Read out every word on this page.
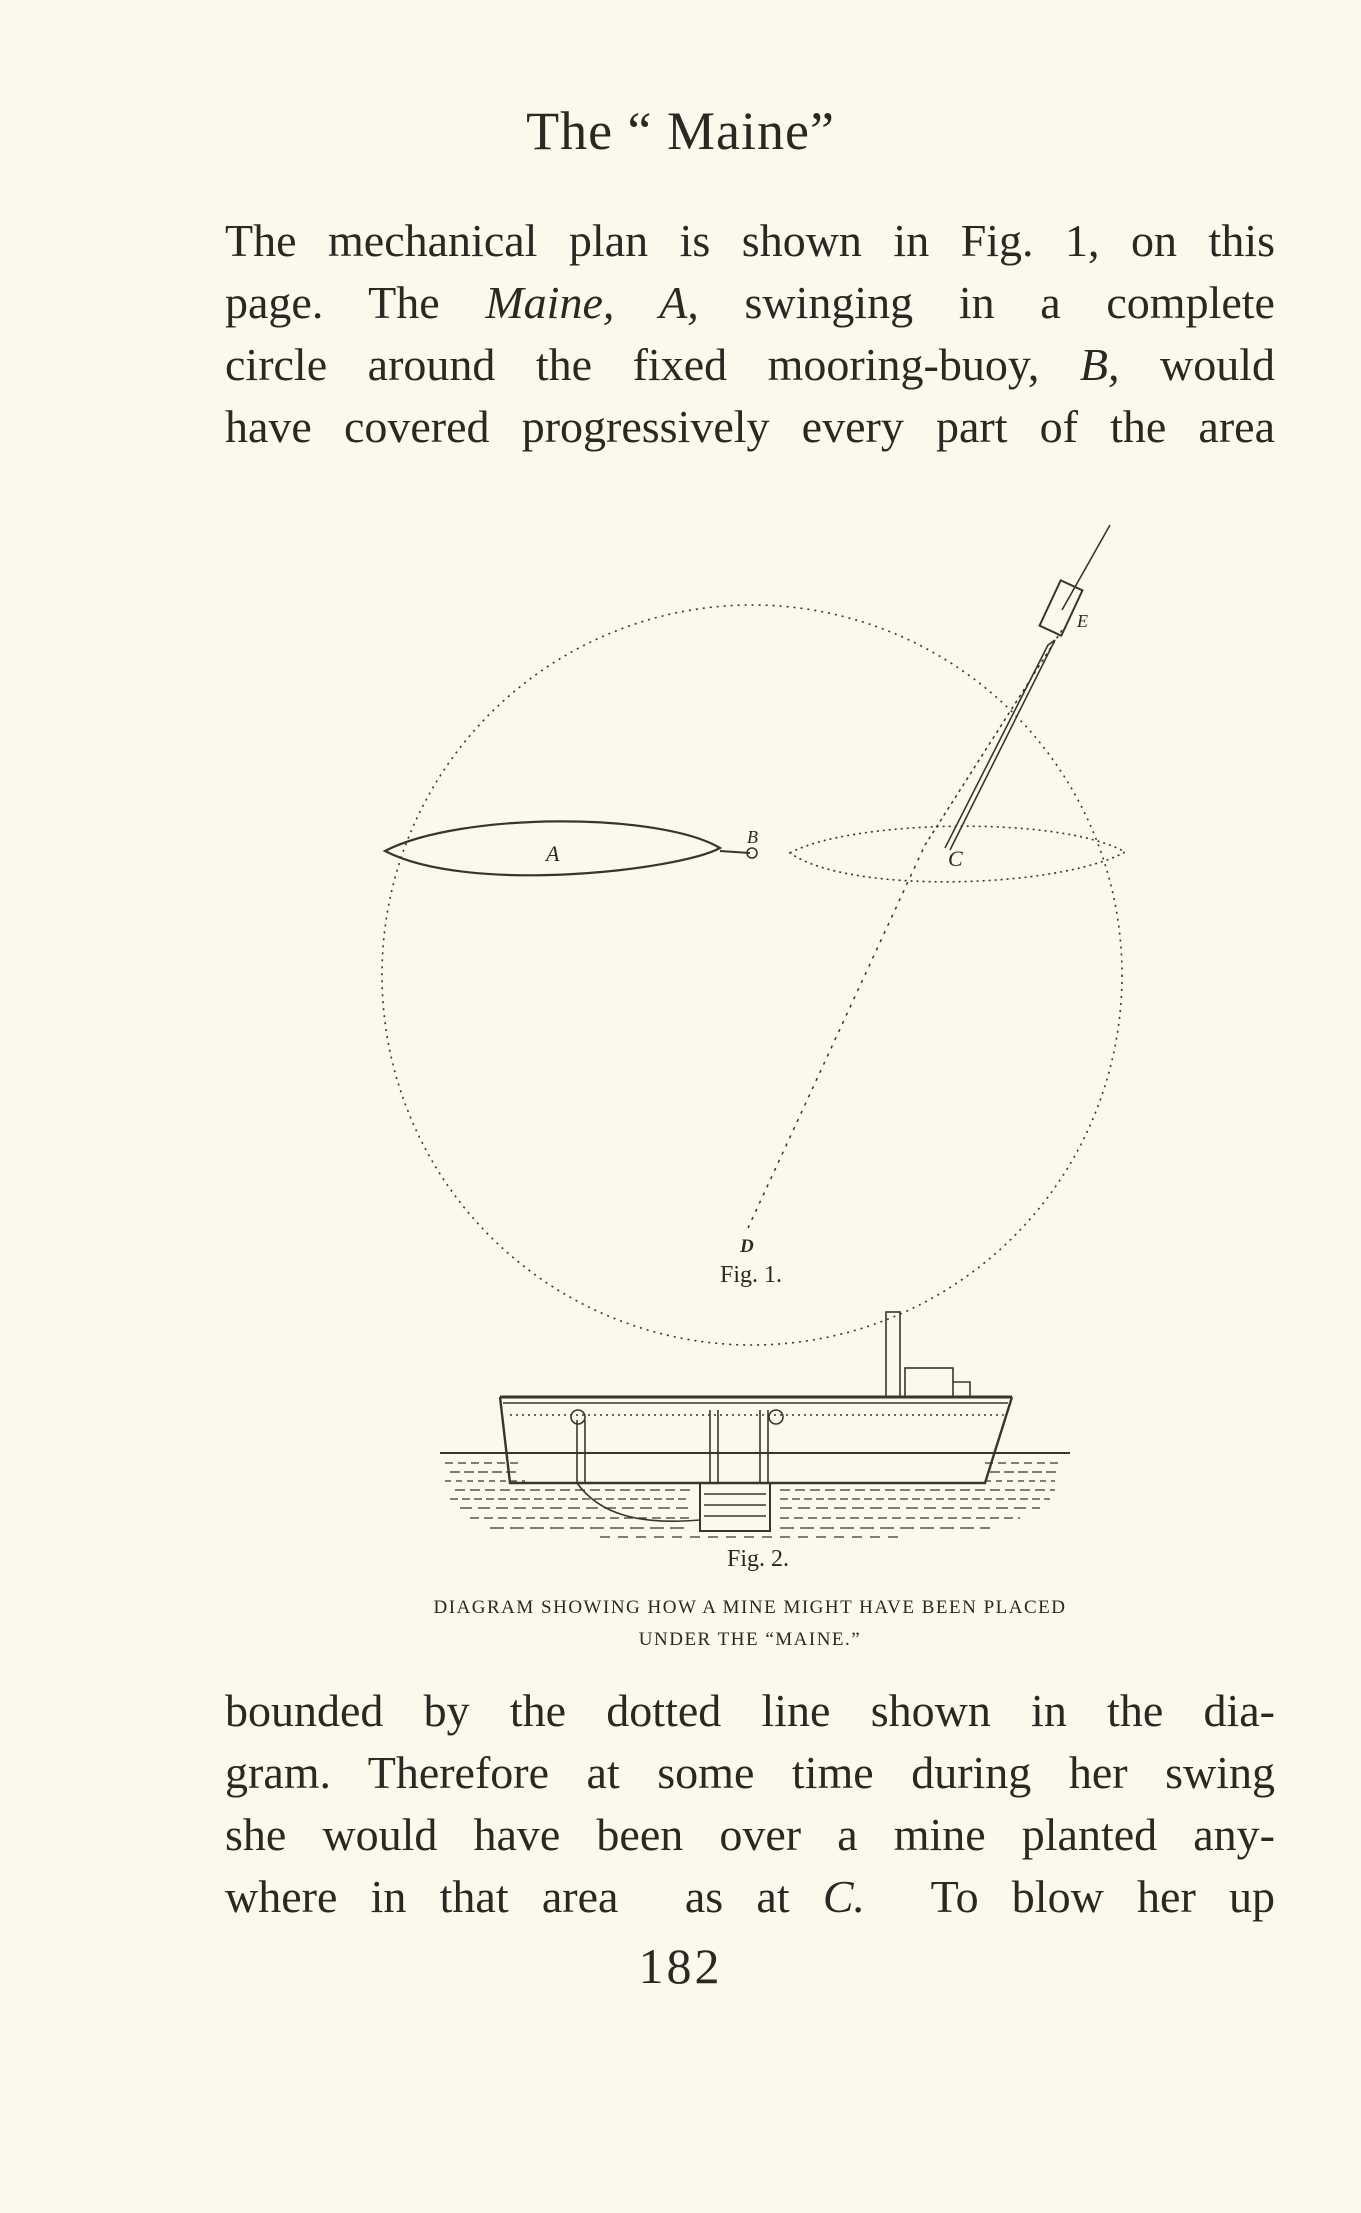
The “ Maine”
The mechanical plan is shown in Fig. 1, on this
page. The Maine, A, swinging in a complete
circle around the fixed mooring-buoy, B, would
have covered progressively every part of the area
A
B
C
D
E
Fig. 1.
Fig. 2.
DIAGRAM SHOWING HOW A MINE MIGHT HAVE BEEN PLACED
UNDER THE “MAINE.”
bounded by the dotted line shown in the dia-
gram. Therefore at some time during her swing
she would have been over a mine planted any-
where in that area  as at C.  To blow her up
182
